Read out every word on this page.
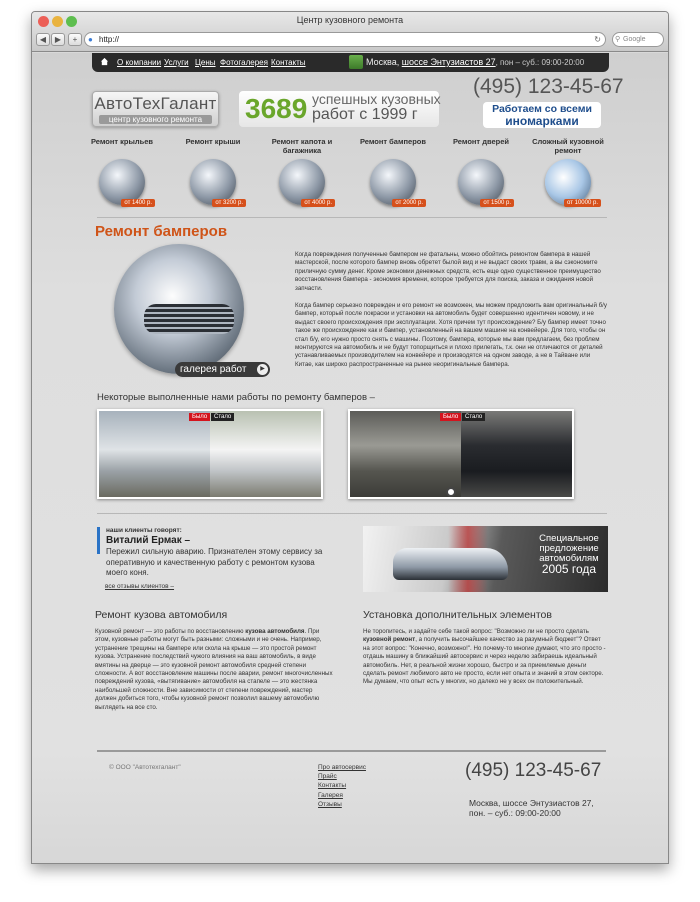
Центр кузовного ремонта
◀	▶	+	● http://	↻ ⚲ Google
О компании Услуги Цены Фотогалерея Контакты	Москва, шоссе Энтузиастов 27, пон – суб.: 09:00-20:00
АвтоТехГалант
центр кузовного ремонта	3689 успешных кузовных
работ с 1999 г
(495) 123-45-67
Работаем со всеми
иномарками
Ремонт крыльев
от 1400 р.
Ремонт крыши
от 3200 р.
Ремонт капота и багажника
от 4000 р.
Ремонт бамперов
от 2000 р.
Ремонт дверей
от 1500 р.
Сложный кузовной ремонт
от 10000 р.
Ремонт бамперов
галерея работ	▶
Когда повреждения полученные бампером не фатальны, можно обойтись ремонтом бампера в нашей мастерской, после которого бампер вновь обретет былой вид и не выдаст своих травм, а вы сэкономите приличную сумму денег. Кроме экономии денежных средств, есть еще одно существенное преимущество восстановления бампера - экономия времени, которое требуется для поиска, заказа и ожидания новой запчасти.
Когда бампер серьезно поврежден и его ремонт не возможен, мы можем предложить вам оригинальный б/у бампер, который после покраски и установки на автомобиль будет совершенно идентичен новому, и не выдаст своего происхождения при эксплуатации. Хотя причем тут происхождение? Б/у бампер имеет точно такое же происхождение как и бампер, установленный на вашем машине на конвейере. Для того, чтобы он стал б/у, его нужно просто снять с машины. Поэтому, бампера, которые мы вам предлагаем, без проблем монтируются на автомобиль и не будут топорщиться и плохо прилегать, т.к. они не отличаются от деталей устанавливаемых производителем на конвейере и производятся на одном заводе, а не в Тайване или Китае, как широко распространенные на рынке неоригинальные бампера.
Некоторые выполненные нами работы по ремонту бамперов –
Было	Стало	Было	Стало
наши клиенты говорят:
Виталий Ермак –
Пережил сильную аварию. Признателен этому сервису за оперативную и качественную работу с ремонтом кузова моего коня.
все отзывы клиентов –
Специальное
предложение
автомобилям
2005 года
Ремонт кузова автомобиля
Кузовной ремонт — это работы по восстановлению кузова автомобиля. При этом, кузовные работы могут быть разными: сложными и не очень. Например, устранение трещины на бампере или скола на крыше — это простой ремонт кузова. Устранение последствий чужого влияния на ваш автомобиль, в виде вмятины на дверце — это кузовной ремонт автомобиля средней степени сложности. А вот восстановление машины после аварии, ремонт многочисленных повреждений кузова, «вытягивание» автомобиля на стапеле — это жестянка наибольшей сложности. Вне зависимости от степени повреждений, мастер должен добиться того, чтобы кузовной ремонт позволил вашему автомобилю выглядеть на все сто.
Установка дополнительных элементов
Не торопитесь, и задайте себе такой вопрос: "Возможно ли не просто сделать кузовной ремонт, а получить высочайшее качество за разумный бюджет"? Ответ на этот вопрос: "Конечно, возможно!". Но почему-то многие думают, что это просто - отдашь машину в ближайший автосервис и через неделю забираешь идеальный автомобиль. Нет, в реальной жизни хорошо, быстро и за приемлемые деньги сделать ремонт любимого авто не просто, если нет опыта и знаний в этом секторе. Мы думаем, что опыт есть у многих, но далеко не у всех он положительный.
© ООО "Автотехгалант"	Про автосервис
Прайс
Контакты
Галерея
Отзывы
(495) 123-45-67
Москва, шоссе Энтузиастов 27,
пон. – суб.: 09:00-20:00
